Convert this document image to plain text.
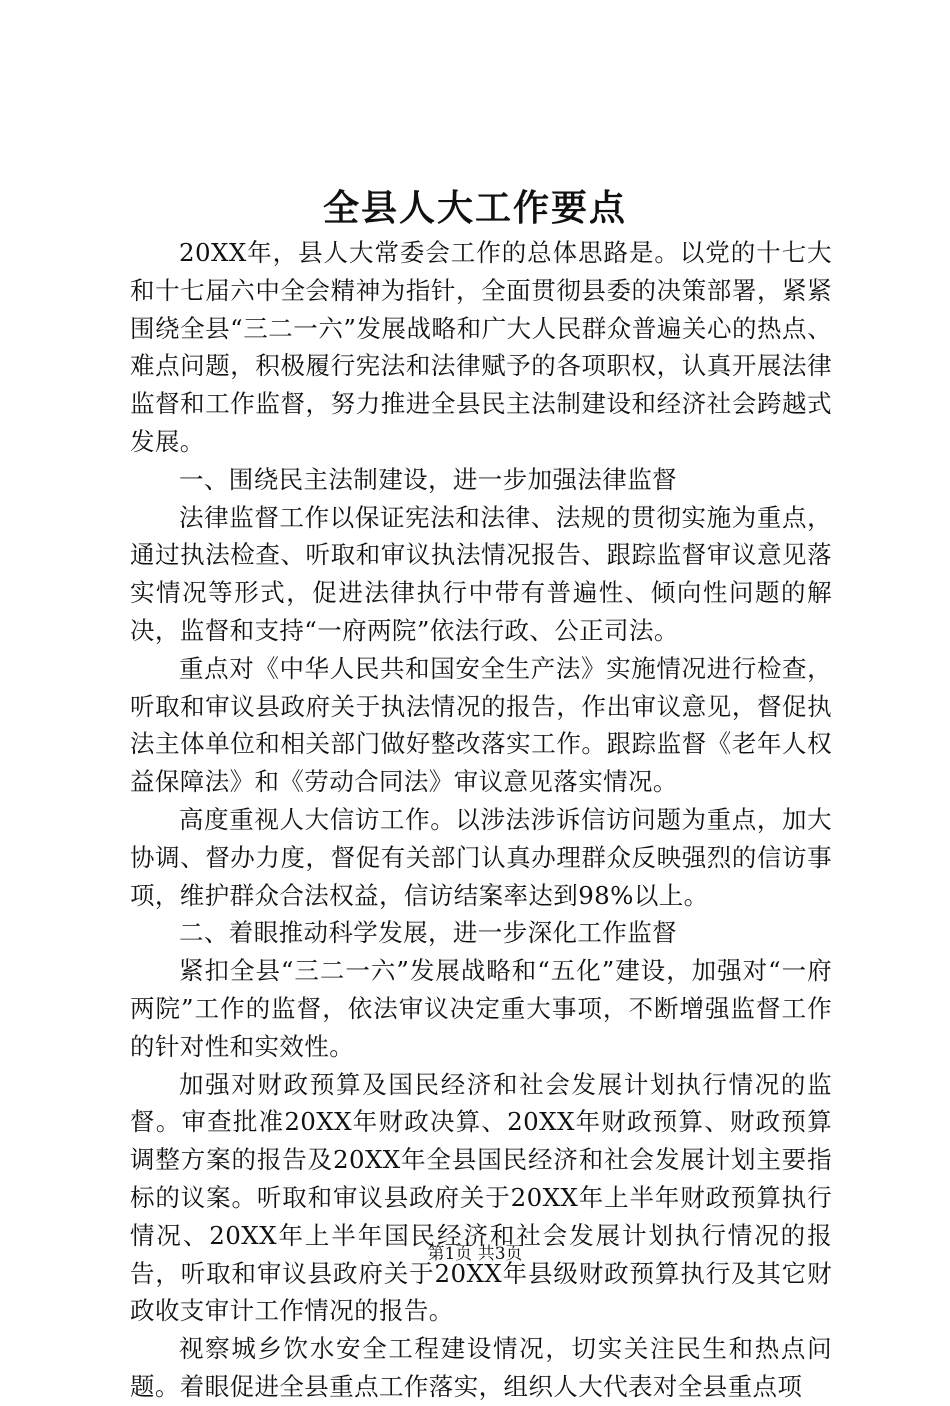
全县人大工作要点

20XX年，县人大常委会工作的总体思路是。以党的十七大和十七届六中全会精神为指针，全面贯彻县委的决策部署，紧紧围绕全县“三二一六”发展战略和广大人民群众普遍关心的热点、难点问题，积极履行宪法和法律赋予的各项职权，认真开展法律监督和工作监督，努力推进全县民主法制建设和经济社会跨越式发展。

一、围绕民主法制建设，进一步加强法律监督

法律监督工作以保证宪法和法律、法规的贯彻实施为重点，通过执法检查、听取和审议执法情况报告、跟踪监督审议意见落实情况等形式，促进法律执行中带有普遍性、倾向性问题的解决，监督和支持“一府两院”依法行政、公正司法。

重点对《中华人民共和国安全生产法》实施情况进行检查，听取和审议县政府关于执法情况的报告，作出审议意见，督促执法主体单位和相关部门做好整改落实工作。跟踪监督《老年人权益保障法》和《劳动合同法》审议意见落实情况。

高度重视人大信访工作。以涉法涉诉信访问题为重点，加大协调、督办力度，督促有关部门认真办理群众反映强烈的信访事项，维护群众合法权益，信访结案率达到98%以上。

二、着眼推动科学发展，进一步深化工作监督

紧扣全县“三二一六”发展战略和“五化”建设，加强对“一府两院”工作的监督，依法审议决定重大事项，不断增强监督工作的针对性和实效性。

加强对财政预算及国民经济和社会发展计划执行情况的监督。审查批准20XX年财政决算、20XX年财政预算、财政预算调整方案的报告及20XX年全县国民经济和社会发展计划主要指标的议案。听取和审议县政府关于20XX年上半年财政预算执行情况、20XX年上半年国民经济和社会发展计划执行情况的报告，听取和审议县政府关于20XX年县级财政预算执行及其它财政收支审计工作情况的报告。

视察城乡饮水安全工程建设情况，切实关注民生和热点问题。着眼促进全县重点工作落实，组织人大代表对全县重点项

第1页 共3页
